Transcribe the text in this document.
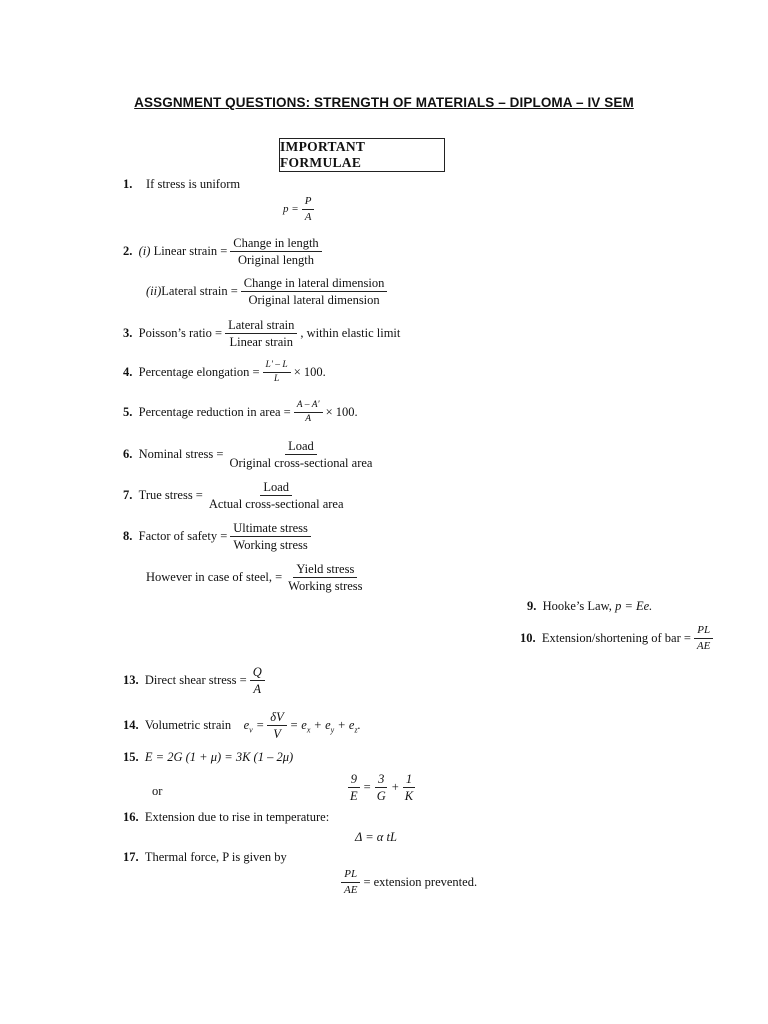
ASSGNMENT QUESTIONS: STRENGTH OF MATERIALS – DIPLOMA – IV SEM
IMPORTANT FORMULAE
1. If stress is uniform
$p = \frac{P}{A}$
2.
(i)
Linear strain = $\frac{\text{Change in length}}{\text{Original length}}$
(ii) Lateral strain = $\frac{\text{Change in lateral dimension}}{\text{Original lateral dimension}}$
3.
Poisson’s ratio = $\frac{\text{Lateral strain}}{\text{Linear strain}}$ , within elastic limit
4.
Percentage elongation = $\frac{L' - L}{L} \times 100$.
5.
Percentage reduction in area = $\frac{A - A'}{A} \times 100$.
6.
Nominal stress = $\frac{\text{Load}}{\text{Original cross-sectional area}}$
7.
True stress = $\frac{\text{Load}}{\text{Actual cross-sectional area}}$
8.
Factor of safety = $\frac{\text{Ultimate stress}}{\text{Working stress}}$
However in case of steel, = $\frac{\text{Yield stress}}{\text{Working stress}}$
9.
Hooke’s Law,
p = Ee.
10.
Extension/shortening of bar = $\frac{PL}{AE}$
13.
Direct shear stress = $\frac{Q}{A}$
14.
Volumetric strain
$e_v = \frac{\delta V}{V} = e_x + e_y + e_z$.
15.
E = 2G (1 + μ) = 3K (1 – 2μ)
or	$\frac{9}{E} = \frac{3}{G} + \frac{1}{K}$
16.
Extension due to rise in temperature:
Δ = α tL
17.
Thermal force, P is given by
$\frac{PL}{AE}$ = extension prevented.
